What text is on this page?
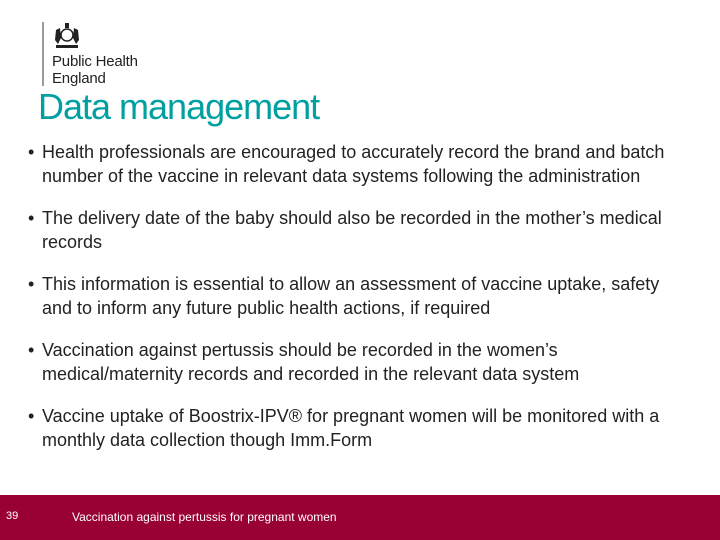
Public Health
England
Data management
• Health professionals are encouraged to accurately record the brand and batch number of the vaccine in relevant data systems following the administration
• The delivery date of the baby should also be recorded in the mother’s medical records
• This information is essential to allow an assessment of vaccine uptake, safety and to inform any future public health actions, if required
• Vaccination against pertussis should be recorded in the women’s medical/maternity records and recorded in the relevant data system
• Vaccine uptake of Boostrix-IPV® for pregnant women will be monitored with a monthly data collection though Imm.Form
39	Vaccination against pertussis for pregnant women
